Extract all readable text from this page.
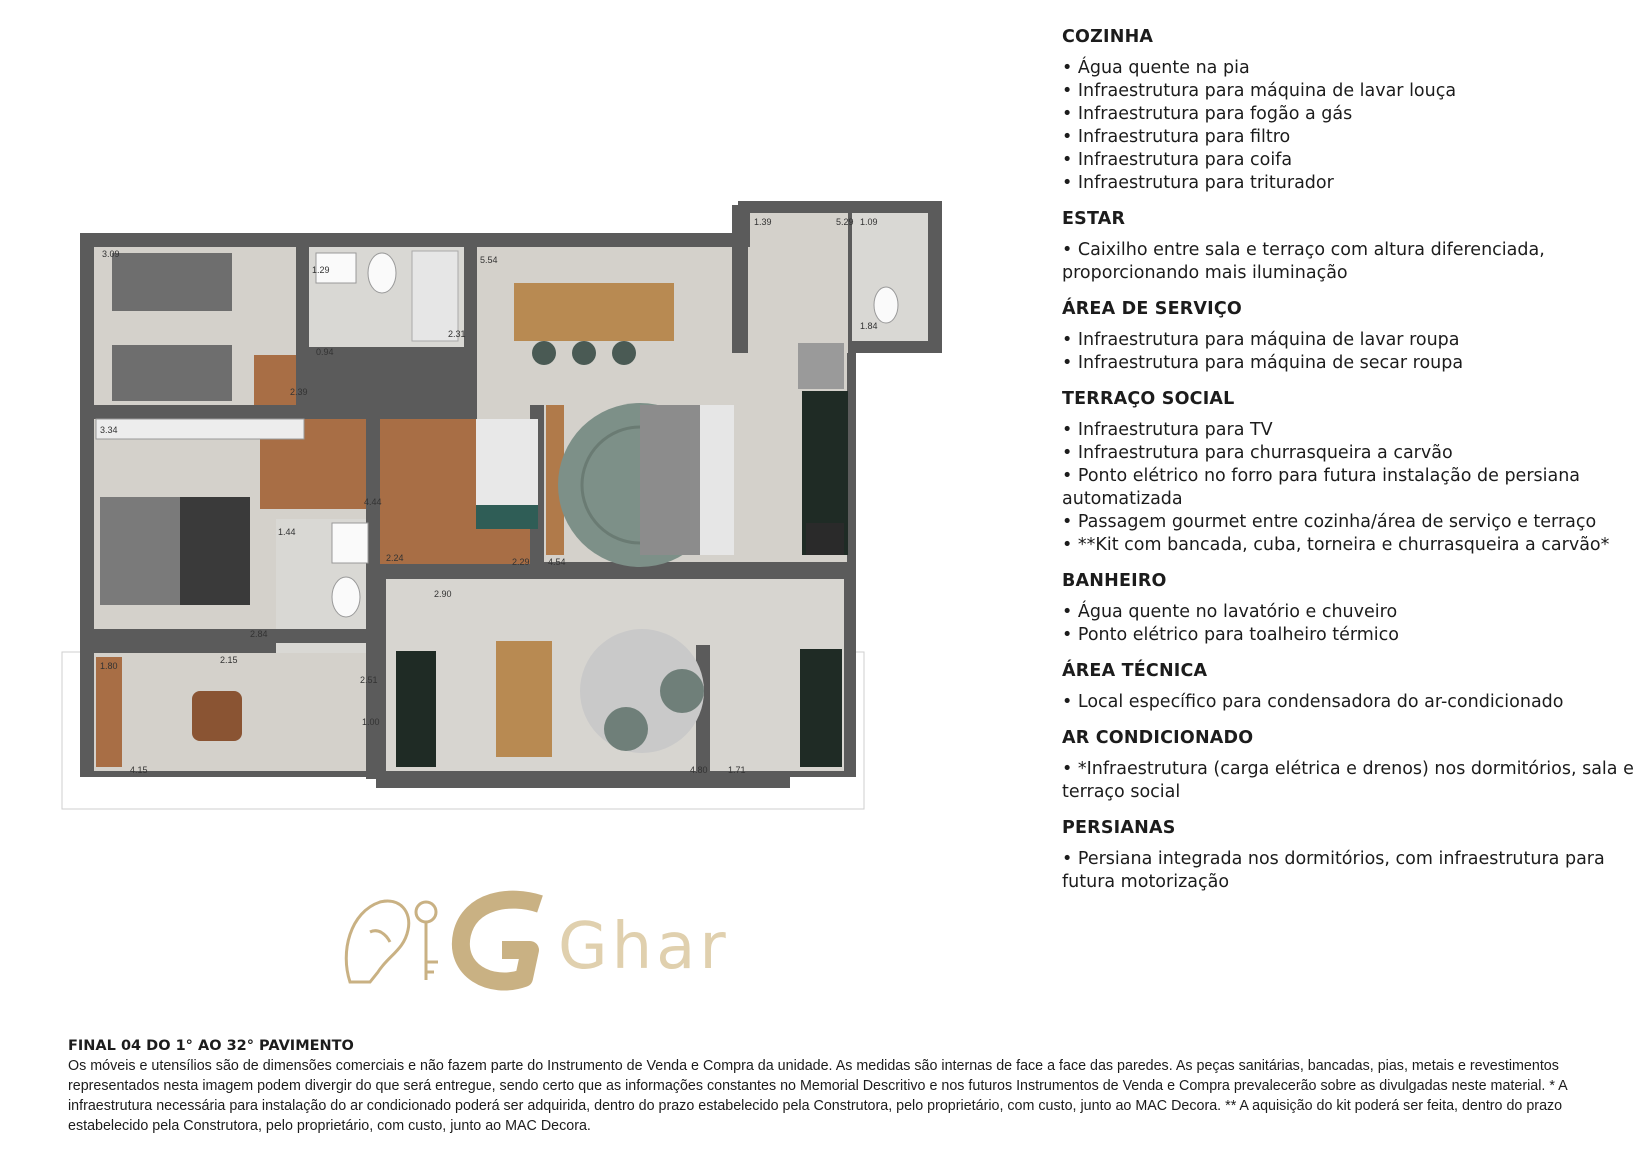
3.09
1.29
2.31
5.54
1.39	5.29 1.09
1.84
0.94
2.39
3.34
4.44
2.24	2.29 4.54
1.44
2.84
2.15
1.80
2.90
2.51
1.00
4.15	4.80 1.71
Ghar
COZINHA
• Água quente na pia
• Infraestrutura para máquina de lavar louça
• Infraestrutura para fogão a gás
• Infraestrutura para filtro
• Infraestrutura para coifa
• Infraestrutura para triturador
ESTAR
• Caixilho entre sala e terraço com altura diferenciada, proporcionando mais iluminação
ÁREA DE SERVIÇO
• Infraestrutura para máquina de lavar roupa
• Infraestrutura para máquina de secar roupa
TERRAÇO SOCIAL
• Infraestrutura para TV
• Infraestrutura para churrasqueira a carvão
• Ponto elétrico no forro para futura instalação de persiana automatizada
• Passagem gourmet entre cozinha/área de serviço e terraço
• **Kit com bancada, cuba, torneira e churrasqueira a carvão*
BANHEIRO
• Água quente no lavatório e chuveiro
• Ponto elétrico para toalheiro térmico
ÁREA TÉCNICA
• Local específico para condensadora do ar-condicionado
AR CONDICIONADO
• *Infraestrutura (carga elétrica e drenos) nos dormitórios, sala e terraço social
PERSIANAS
• Persiana integrada nos dormitórios, com infraestrutura para futura motorização
FINAL 04 DO 1° AO 32° PAVIMENTO
Os móveis e utensílios são de dimensões comerciais e não fazem parte do Instrumento de Venda e Compra da unidade. As medidas são internas de face a face das paredes. As peças sanitárias, bancadas, pias, metais e revestimentos representados nesta imagem podem divergir do que será entregue, sendo certo que as informações constantes no Memorial Descritivo e nos futuros Instrumentos de Venda e Compra prevalecerão sobre as divulgadas neste material. * A infraestrutura necessária para instalação do ar condicionado poderá ser adquirida, dentro do prazo estabelecido pela Construtora, pelo proprietário, com custo, junto ao MAC Decora. ** A aquisição do kit poderá ser feita, dentro do prazo estabelecido pela Construtora, pelo proprietário, com custo, junto ao MAC Decora.
